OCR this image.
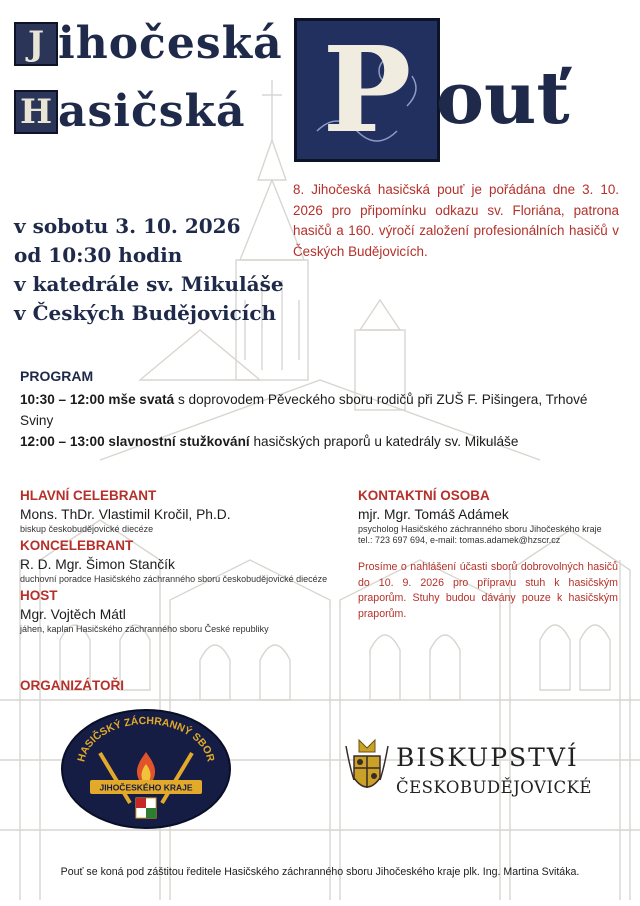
J ihočeská
H asičská P ouť
8. Jihočeská hasičská pouť je pořádána dne 3. 10. 2026 pro připomínku odkazu sv. Floriána, patrona hasičů a 160. výročí založení profesionálních hasičů v Českých Budějovicích.
v sobotu 3. 10. 2026
od 10:30 hodin
v katedrále sv. Mikuláše
v Českých Budějovicích
PROGRAM
10:30 – 12:00 mše svatá s doprovodem Pěveckého sboru rodičů při ZUŠ F. Pišingera, Trhové Sviny
12:00 – 13:00 slavnostní stužkování hasičských praporů u katedrály sv. Mikuláše
HLAVNÍ CELEBRANT
Mons. ThDr. Vlastimil Kročil, Ph.D.
biskup českobudějovické diecéze
KONCELEBRANT
R. D. Mgr. Šimon Stančík
duchovní poradce Hasičského záchranného sboru českobudějovické diecéze
HOST
Mgr. Vojtěch Mátl
jáhen, kaplan Hasičského záchranného sboru České republiky
KONTAKTNÍ OSOBA
mjr. Mgr. Tomáš Adámek
psycholog Hasičského záchranného sboru Jihočeského kraje
tel.: 723 697 694, e-mail: tomas.adamek@hzscr.cz
Prosíme o nahlášení účasti sborů dobrovolných hasičů do 10. 9. 2026 pro přípravu stuh k hasičským praporům. Stuhy budou dávány pouze k hasičským praporům.
ORGANIZÁTOŘI
HASIČSKÝ ZÁCHRANNÝ SBOR
JIHOČESKÉHO KRAJE
BISKUPSTVÍ
ČESKOBUDĚJOVICKÉ
Pouť se koná pod záštitou ředitele Hasičského záchranného sboru Jihočeského kraje plk. Ing. Martina Svitáka.
